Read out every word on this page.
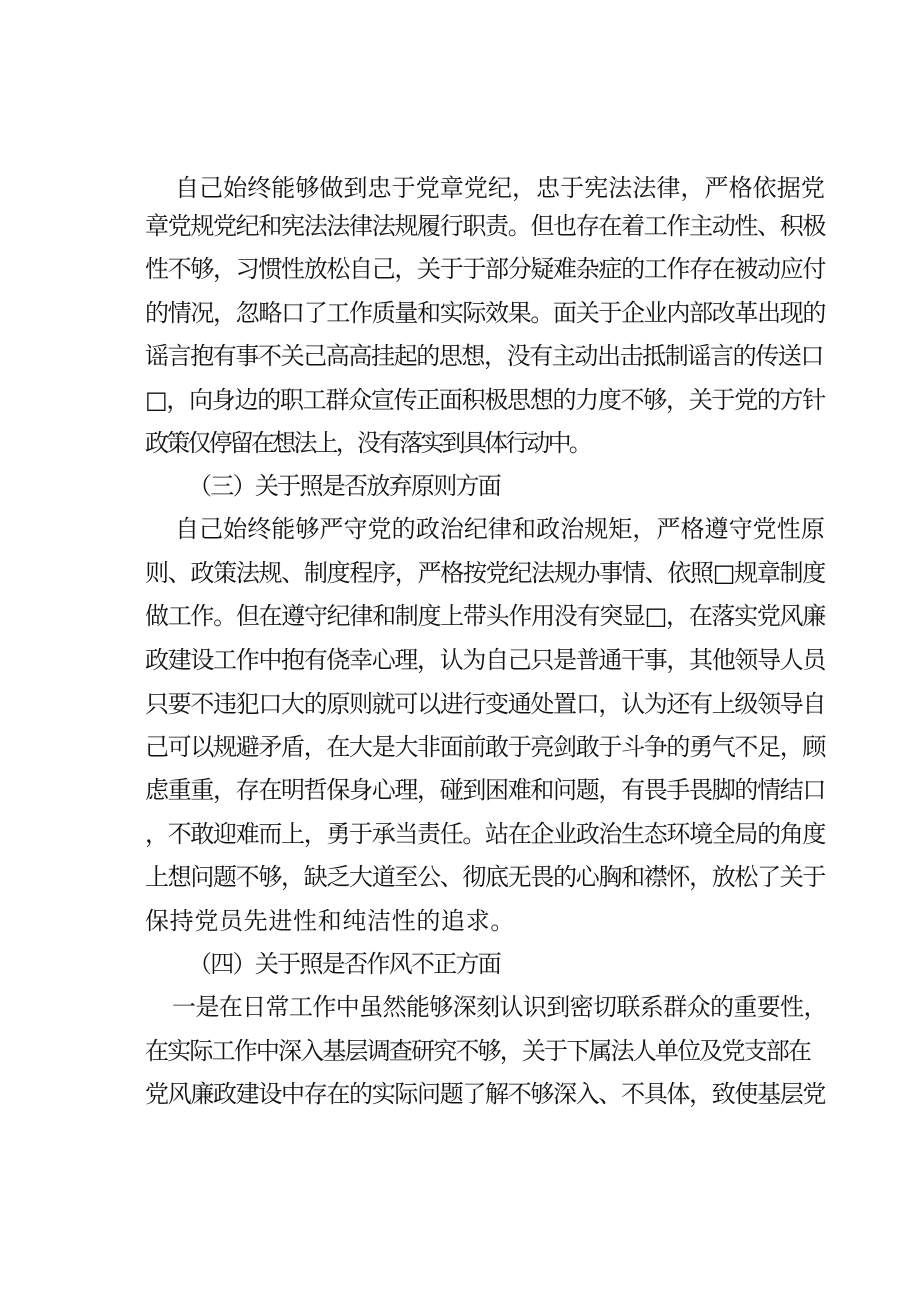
自己始终能够做到忠于党章党纪，忠于宪法法律，严格依据党
章党规党纪和宪法法律法规履行职责。但也存在着工作主动性、积极
性不够，习惯性放松自己，关于于部分疑难杂症的工作存在被动应付
的情况，忽略口了工作质量和实际效果。面关于企业内部改革出现的
谣言抱有事不关己高高挂起的思想，没有主动出击抵制谣言的传送口
□，向身边的职工群众宣传正面积极思想的力度不够，关于党的方针
政策仅停留在想法上，没有落实到具体行动中。
（三）关于照是否放弃原则方面
自己始终能够严守党的政治纪律和政治规矩，严格遵守党性原
则、政策法规、制度程序，严格按党纪法规办事情、依照□规章制度
做工作。但在遵守纪律和制度上带头作用没有突显□，在落实党风廉
政建设工作中抱有侥幸心理，认为自己只是普通干事，其他领导人员
只要不违犯口大的原则就可以进行变通处置口，认为还有上级领导自
己可以规避矛盾，在大是大非面前敢于亮剑敢于斗争的勇气不足，顾
虑重重，存在明哲保身心理，碰到困难和问题，有畏手畏脚的情结口
，不敢迎难而上，勇于承当责任。站在企业政治生态环境全局的角度
上想问题不够，缺乏大道至公、彻底无畏的心胸和襟怀，放松了关于
保持党员先进性和纯洁性的追求。
（四）关于照是否作风不正方面
一是在日常工作中虽然能够深刻认识到密切联系群众的重要性，
在实际工作中深入基层调查研究不够，关于下属法人单位及党支部在
党风廉政建设中存在的实际问题了解不够深入、不具体，致使基层党
